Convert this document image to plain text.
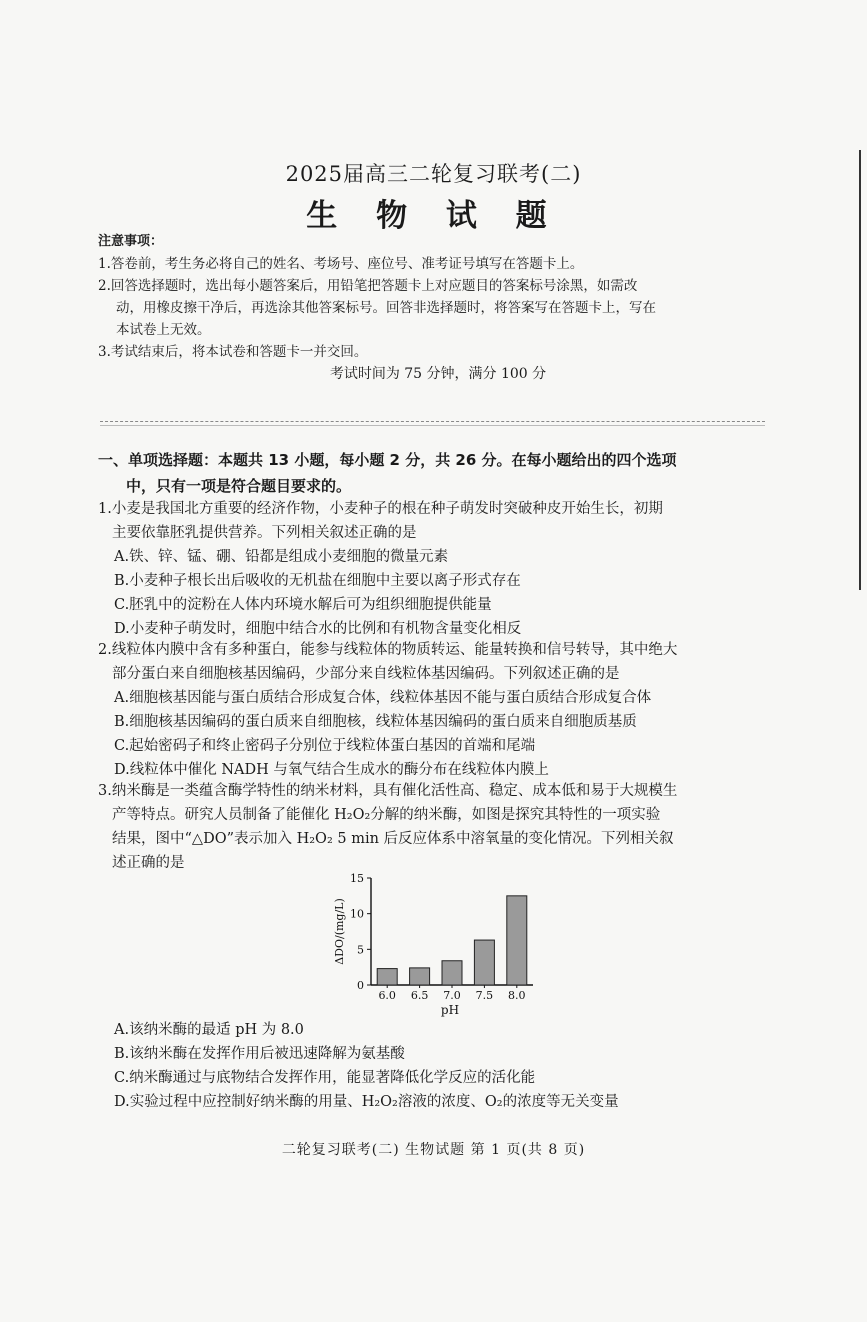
2025届高三二轮复习联考(二)
生 物 试 题

注意事项：

1.答卷前，考生务必将自己的姓名、考场号、座位号、准考证号填写在答题卡上。

2.回答选择题时，选出每小题答案后，用铅笔把答题卡上对应题目的答案标号涂黑，如需改

动，用橡皮擦干净后，再选涂其他答案标号。回答非选择题时，将答案写在答题卡上，写在

本试卷上无效。

3.考试结束后，将本试卷和答题卡一并交回。

考试时间为 75 分钟，满分 100 分

一、单项选择题：本题共 13 小题，每小题 2 分，共 26 分。在每小题给出的四个选项
中，只有一项是符合题目要求的。

1.小麦是我国北方重要的经济作物，小麦种子的根在种子萌发时突破种皮开始生长，初期

主要依靠胚乳提供营养。下列相关叙述正确的是

A.铁、锌、锰、硼、铅都是组成小麦细胞的微量元素

B.小麦种子根长出后吸收的无机盐在细胞中主要以离子形式存在

C.胚乳中的淀粉在人体内环境水解后可为组织细胞提供能量

D.小麦种子萌发时，细胞中结合水的比例和有机物含量变化相反

2.线粒体内膜中含有多种蛋白，能参与线粒体的物质转运、能量转换和信号转导，其中绝大

部分蛋白来自细胞核基因编码，少部分来自线粒体基因编码。下列叙述正确的是

A.细胞核基因能与蛋白质结合形成复合体，线粒体基因不能与蛋白质结合形成复合体

B.细胞核基因编码的蛋白质来自细胞核，线粒体基因编码的蛋白质来自细胞质基质

C.起始密码子和终止密码子分别位于线粒体蛋白基因的首端和尾端

D.线粒体中催化 NADH 与氧气结合生成水的酶分布在线粒体内膜上

3.纳米酶是一类蕴含酶学特性的纳米材料，具有催化活性高、稳定、成本低和易于大规模生

产等特点。研究人员制备了能催化 H₂O₂分解的纳米酶，如图是探究其特性的一项实验

结果，图中“△DO”表示加入 H₂O₂ 5 min 后反应体系中溶氧量的变化情况。下列相关叙

述正确的是

0
5
10
15
6.0 6.5 7.0 7.5 8.0
pH
ΔDO/(mg/L)

A.该纳米酶的最适 pH 为 8.0

B.该纳米酶在发挥作用后被迅速降解为氨基酸

C.纳米酶通过与底物结合发挥作用，能显著降低化学反应的活化能

D.实验过程中应控制好纳米酶的用量、H₂O₂溶液的浓度、O₂的浓度等无关变量

二轮复习联考(二) 生物试题 第 1 页(共 8 页)
